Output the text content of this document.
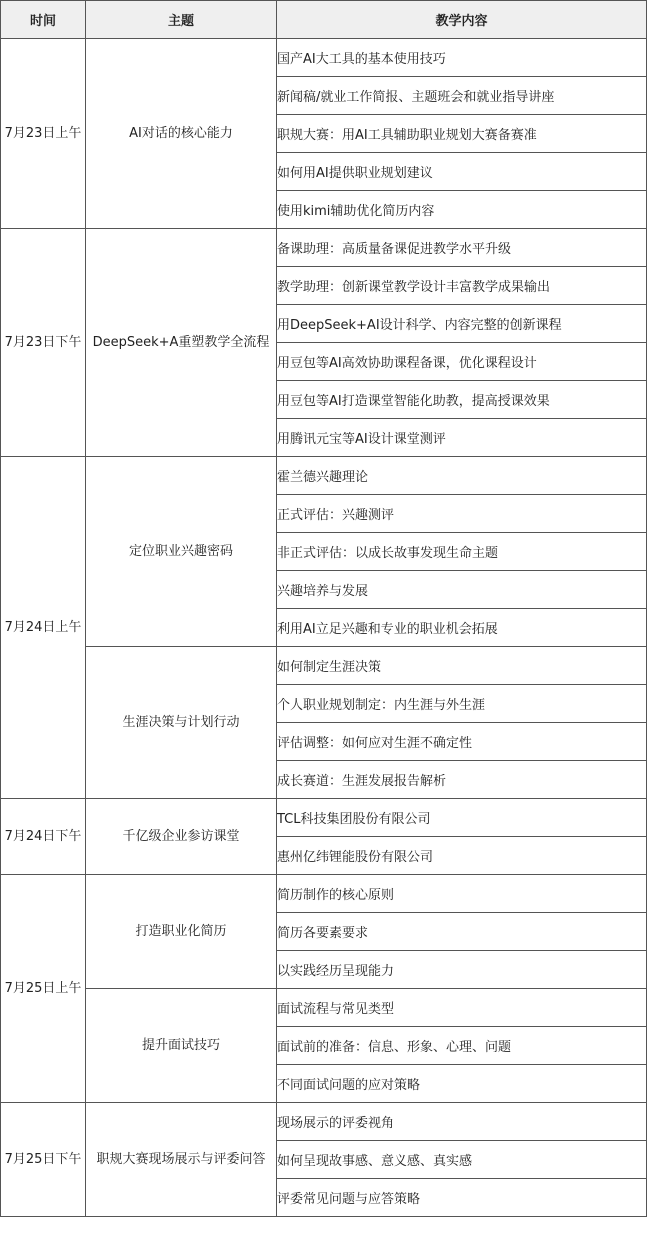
时间	主题	教学内容
7月23日上午	AI对话的核心能力	国产AI大工具的基本使用技巧
		新闻稿/就业工作简报、主题班会和就业指导讲座
		职规大赛：用AI工具辅助职业规划大赛备赛准
		如何用AI提供职业规划建议
		使用kimi辅助优化简历内容
7月23日下午	DeepSeek+A重塑教学全流程	备课助理：高质量备课促进教学水平升级
		教学助理：创新课堂教学设计丰富教学成果输出
		用DeepSeek+AI设计科学、内容完整的创新课程
		用豆包等AI高效协助课程备课，优化课程设计
		用豆包等AI打造课堂智能化助教，提高授课效果
		用腾讯元宝等AI设计课堂测评
7月24日上午	定位职业兴趣密码	霍兰德兴趣理论
		正式评估：兴趣测评
		非正式评估：以成长故事发现生命主题
		兴趣培养与发展
		利用AI立足兴趣和专业的职业机会拓展
	生涯决策与计划行动	如何制定生涯决策
		个人职业规划制定：内生涯与外生涯
		评估调整：如何应对生涯不确定性
		成长赛道：生涯发展报告解析
7月24日下午	千亿级企业参访课堂	TCL科技集团股份有限公司
		惠州亿纬锂能股份有限公司
7月25日上午	打造职业化简历	简历制作的核心原则
		简历各要素要求
		以实践经历呈现能力
	提升面试技巧	面试流程与常见类型
		面试前的准备：信息、形象、心理、问题
		不同面试问题的应对策略
7月25日下午	职规大赛现场展示与评委问答	现场展示的评委视角
		如何呈现故事感、意义感、真实感
		评委常见问题与应答策略
